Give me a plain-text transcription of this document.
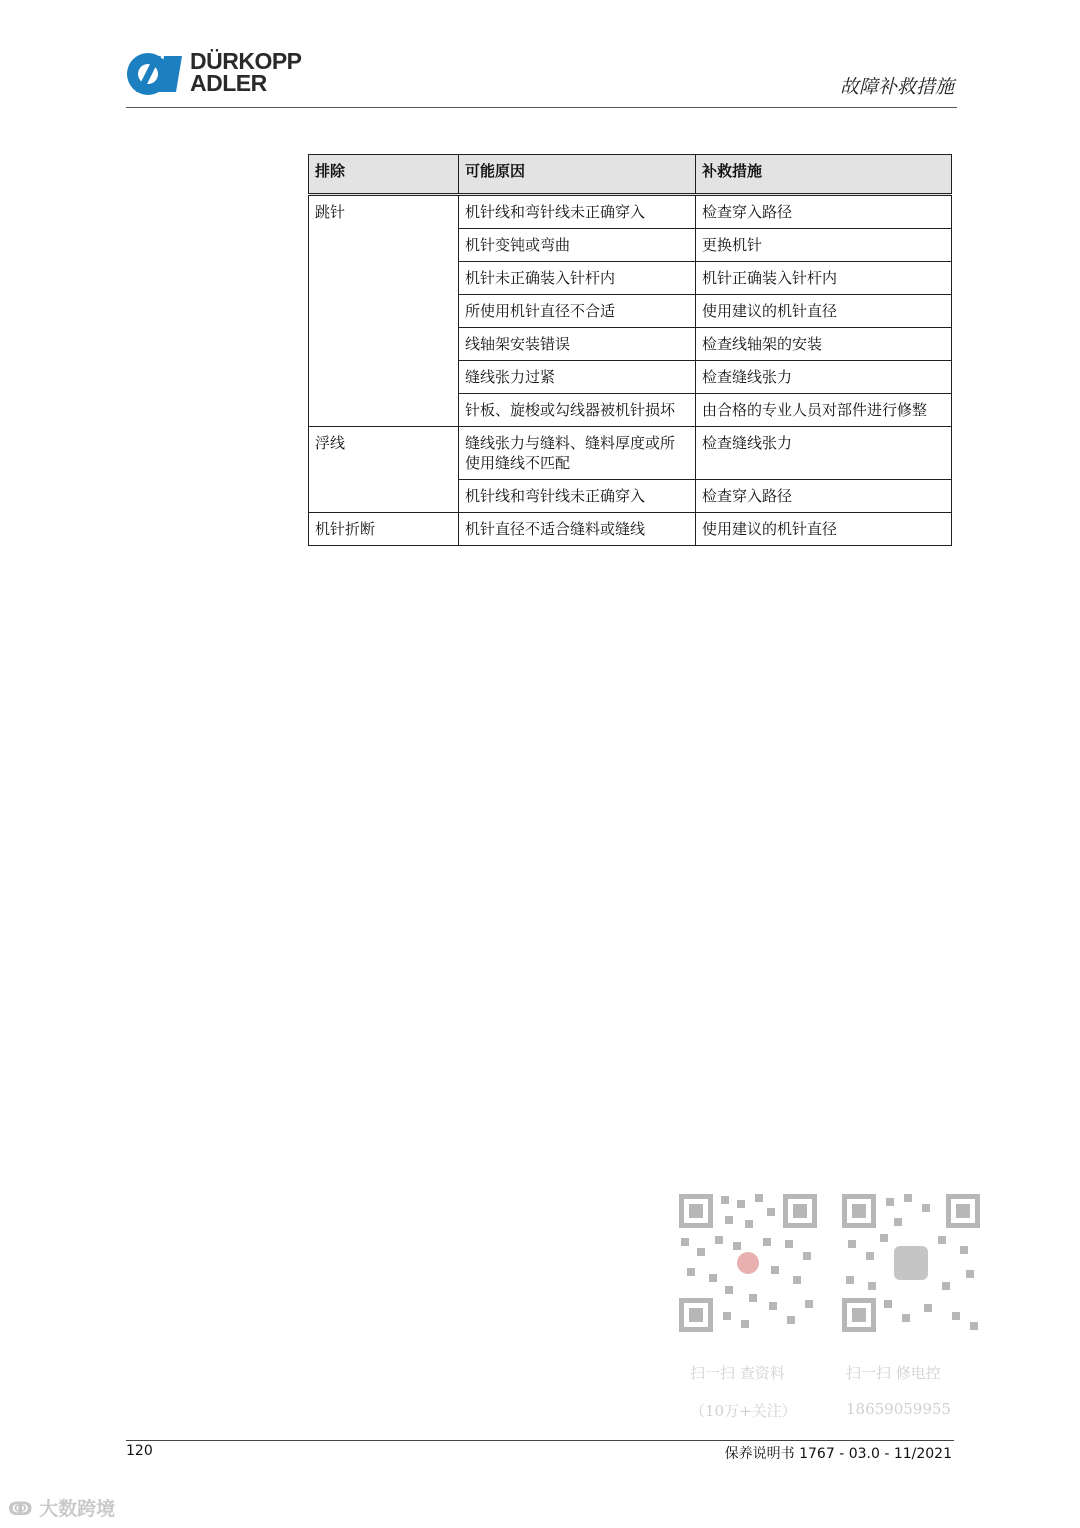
DÜRKOPP
ADLER	故障补救措施
排除	可能原因	补救措施
跳针	机针线和弯针线未正确穿入	检查穿入路径
	机针变钝或弯曲	更换机针
	机针未正确装入针杆内	机针正确装入针杆内
	所使用机针直径不合适	使用建议的机针直径
	线轴架安装错误	检查线轴架的安装
	缝线张力过紧	检查缝线张力
	针板、旋梭或勾线器被机针损坏	由合格的专业人员对部件进行修整
浮线	缝线张力与缝料、缝料厚度或所使用缝线不匹配	检查缝线张力
	机针线和弯针线未正确穿入	检查穿入路径
机针折断	机针直径不适合缝料或缝线	使用建议的机针直径
扫一扫 查资料
（10万+关注）
扫一扫 修电控
18659059955
120	保养说明书 1767 - 03.0 - 11/2021
ↂ 大数跨境
